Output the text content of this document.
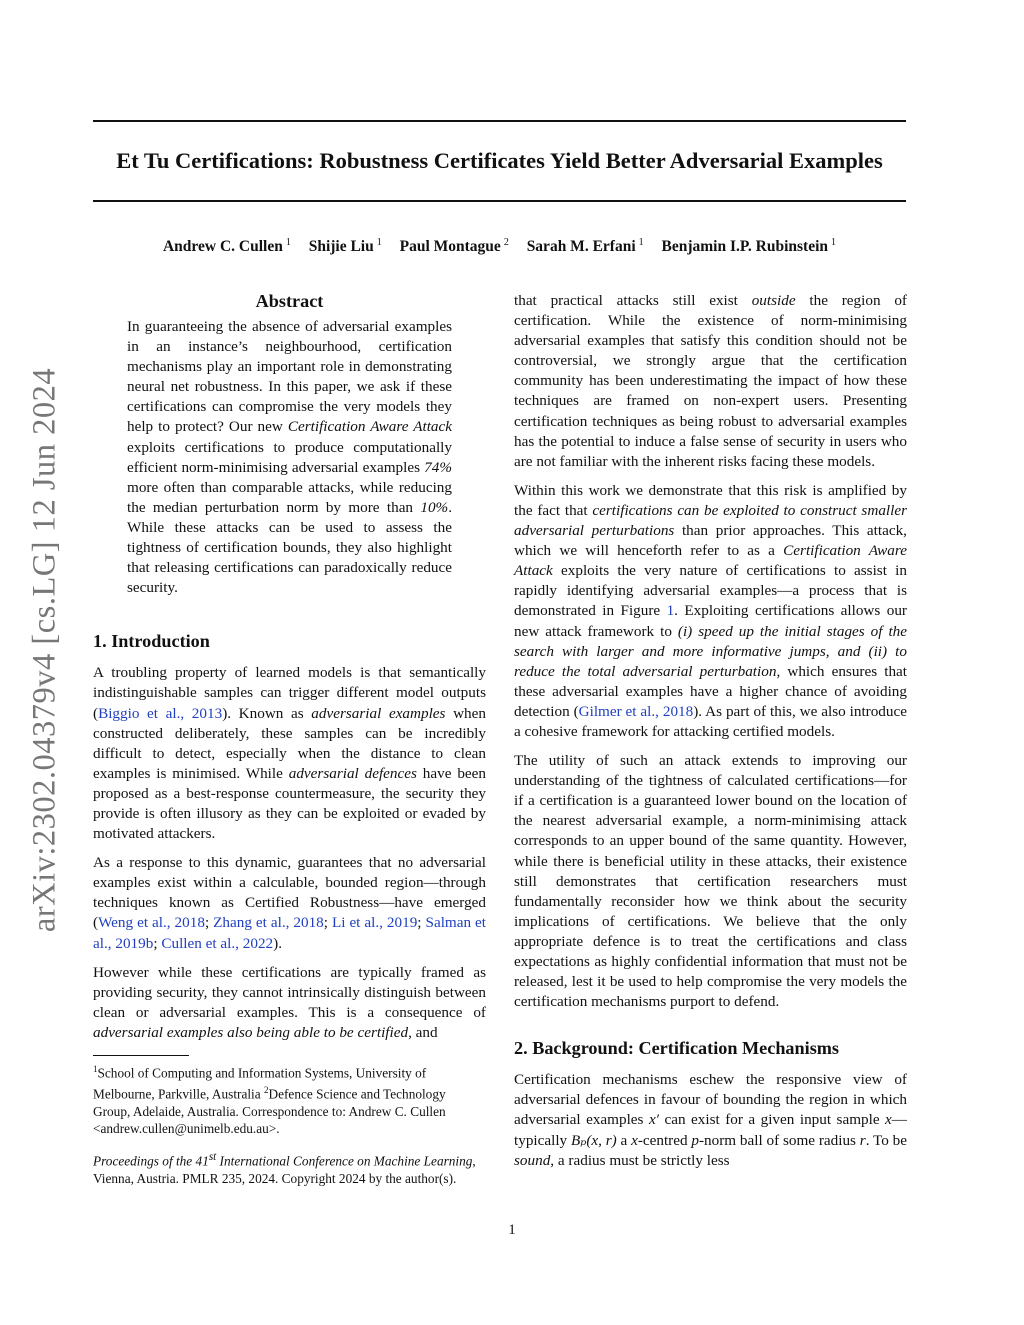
arXiv:2302.04379v4 [cs.LG] 12 Jun 2024
Et Tu Certifications: Robustness Certificates Yield Better Adversarial Examples
Andrew C. Cullen $^1$ Shijie Liu $^1$ Paul Montague $^2$ Sarah M. Erfani $^1$ Benjamin I.P. Rubinstein $^1$
Abstract

In guaranteeing the absence of adversarial examples in an instance’s neighbourhood, certification mechanisms play an important role in demonstrating neural net robustness. In this paper, we ask if these certifications can compromise the very models they help to protect? Our new Certification Aware Attack exploits certifications to produce computationally efficient norm-minimising adversarial examples 74% more often than comparable attacks, while reducing the median perturbation norm by more than 10%. While these attacks can be used to assess the tightness of certification bounds, they also highlight that releasing certifications can paradoxically reduce security.

1. Introduction

A troubling property of learned models is that semantically indistinguishable samples can trigger different model outputs (Biggio et al., 2013). Known as adversarial examples when constructed deliberately, these samples can be incredibly difficult to detect, especially when the distance to clean examples is minimised. While adversarial defences have been proposed as a best-response countermeasure, the security they provide is often illusory as they can be exploited or evaded by motivated attackers.

As a response to this dynamic, guarantees that no adversarial examples exist within a calculable, bounded region—through techniques known as Certified Robustness—have emerged (Weng et al., 2018; Zhang et al., 2018; Li et al., 2019; Salman et al., 2019b; Cullen et al., 2022).

However while these certifications are typically framed as providing security, they cannot intrinsically distinguish between clean or adversarial examples. This is a consequence of adversarial examples also being able to be certified, and

$^1$School of Computing and Information Systems, University of Melbourne, Parkville, Australia $^2$Defence Science and Technology Group, Adelaide, Australia. Correspondence to: Andrew C. Cullen <andrew.cullen@unimelb.edu.au>.

Proceedings of the 41st International Conference on Machine Learning, Vienna, Austria. PMLR 235, 2024. Copyright 2024 by the author(s).

that practical attacks still exist outside the region of certification. While the existence of norm-minimising adversarial examples that satisfy this condition should not be controversial, we strongly argue that the certification community has been underestimating the impact of how these techniques are framed on non-expert users. Presenting certification techniques as being robust to adversarial examples has the potential to induce a false sense of security in users who are not familiar with the inherent risks facing these models.

Within this work we demonstrate that this risk is amplified by the fact that certifications can be exploited to construct smaller adversarial perturbations than prior approaches. This attack, which we will henceforth refer to as a Certification Aware Attack exploits the very nature of certifications to assist in rapidly identifying adversarial examples—a process that is demonstrated in Figure 1. Exploiting certifications allows our new attack framework to (i) speed up the initial stages of the search with larger and more informative jumps, and (ii) to reduce the total adversarial perturbation, which ensures that these adversarial examples have a higher chance of avoiding detection (Gilmer et al., 2018). As part of this, we also introduce a cohesive framework for attacking certified models.

The utility of such an attack extends to improving our understanding of the tightness of calculated certifications—for if a certification is a guaranteed lower bound on the location of the nearest adversarial example, a norm-minimising attack corresponds to an upper bound of the same quantity. However, while there is beneficial utility in these attacks, their existence still demonstrates that certification researchers must fundamentally reconsider how we think about the security implications of certifications. We believe that the only appropriate defence is to treat the certifications and class expectations as highly confidential information that must not be released, lest it be used to help compromise the very models the certification mechanisms purport to defend.

2. Background: Certification Mechanisms

Certification mechanisms eschew the responsive view of adversarial defences in favour of bounding the region in which adversarial examples x′ can exist for a given input sample x—typically Bₚ(x, r) a x-centred p-norm ball of some radius r. To be sound, a radius must be strictly less

1
